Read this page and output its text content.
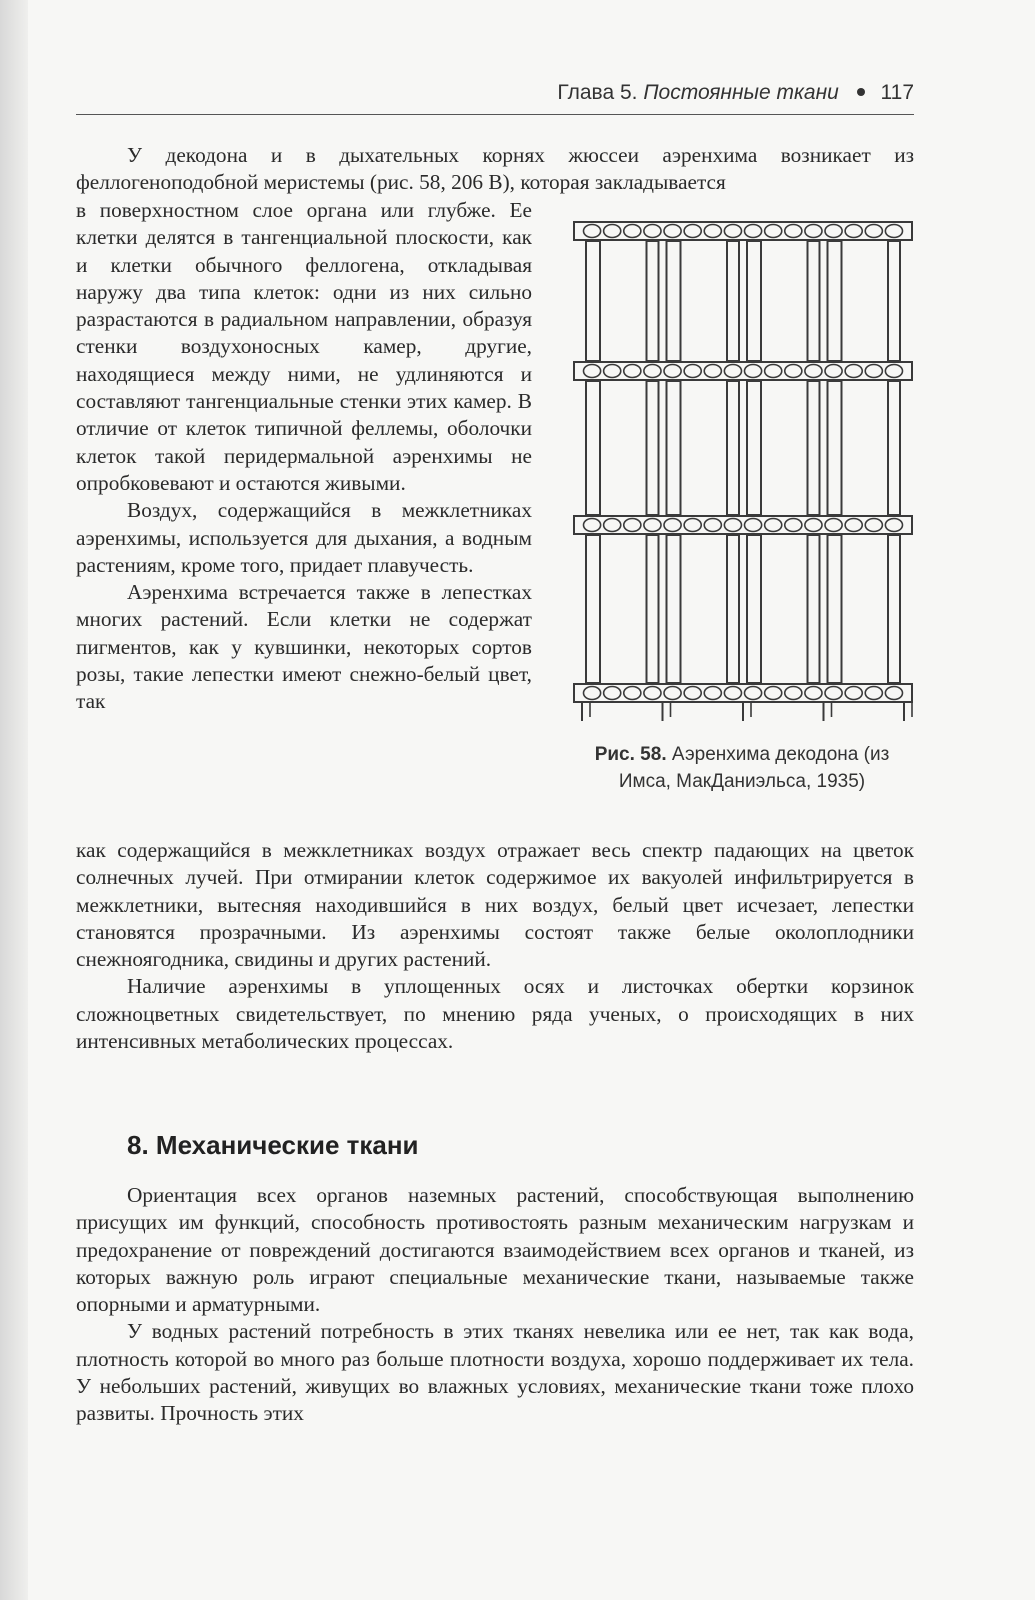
Глава 5. Постоянные ткани 117

У декодона и в дыхательных корнях жюссеи аэренхима возникает из феллогеноподобной меристемы (рис. 58, 206 В), которая закладывается

в поверхностном слое органа или глубже. Ее клетки делятся в тангенциальной плоскости, как и клетки обычного феллогена, откладывая наружу два типа клеток: одни из них сильно разрастаются в радиальном направлении, образуя стенки воздухоносных камер, другие, находящиеся между ними, не удлиняются и составляют тангенциальные стенки этих камер. В отличие от клеток типичной феллемы, оболочки клеток такой перидермальной аэренхимы не опробковевают и остаются живыми.

Воздух, содержащийся в межклетниках аэренхимы, используется для дыхания, а водным растениям, кроме того, придает плавучесть.

Аэренхима встречается также в лепестках многих растений. Если клетки не содержат пигментов, как у кувшинки, некоторых сортов розы, такие лепестки имеют снежно-белый цвет, так

Рис. 58. Аэренхима декодона (из Имса, МакДаниэльса, 1935)

как содержащийся в межклетниках воздух отражает весь спектр падающих на цветок солнечных лучей. При отмирании клеток содержимое их вакуолей инфильтрируется в межклетники, вытесняя находившийся в них воздух, белый цвет исчезает, лепестки становятся прозрачными. Из аэренхимы состоят также белые околоплодники снежноягодника, свидины и других растений.

Наличие аэренхимы в уплощенных осях и листочках обертки корзинок сложноцветных свидетельствует, по мнению ряда ученых, о происходящих в них интенсивных метаболических процессах.

8. Механические ткани

Ориентация всех органов наземных растений, способствующая выполнению присущих им функций, способность противостоять разным механическим нагрузкам и предохранение от повреждений достигаются взаимодействием всех органов и тканей, из которых важную роль играют специальные механические ткани, называемые также опорными и арматурными.

У водных растений потребность в этих тканях невелика или ее нет, так как вода, плотность которой во много раз больше плотности воздуха, хорошо поддерживает их тела. У небольших растений, живущих во влажных условиях, механические ткани тоже плохо развиты. Прочность этих
